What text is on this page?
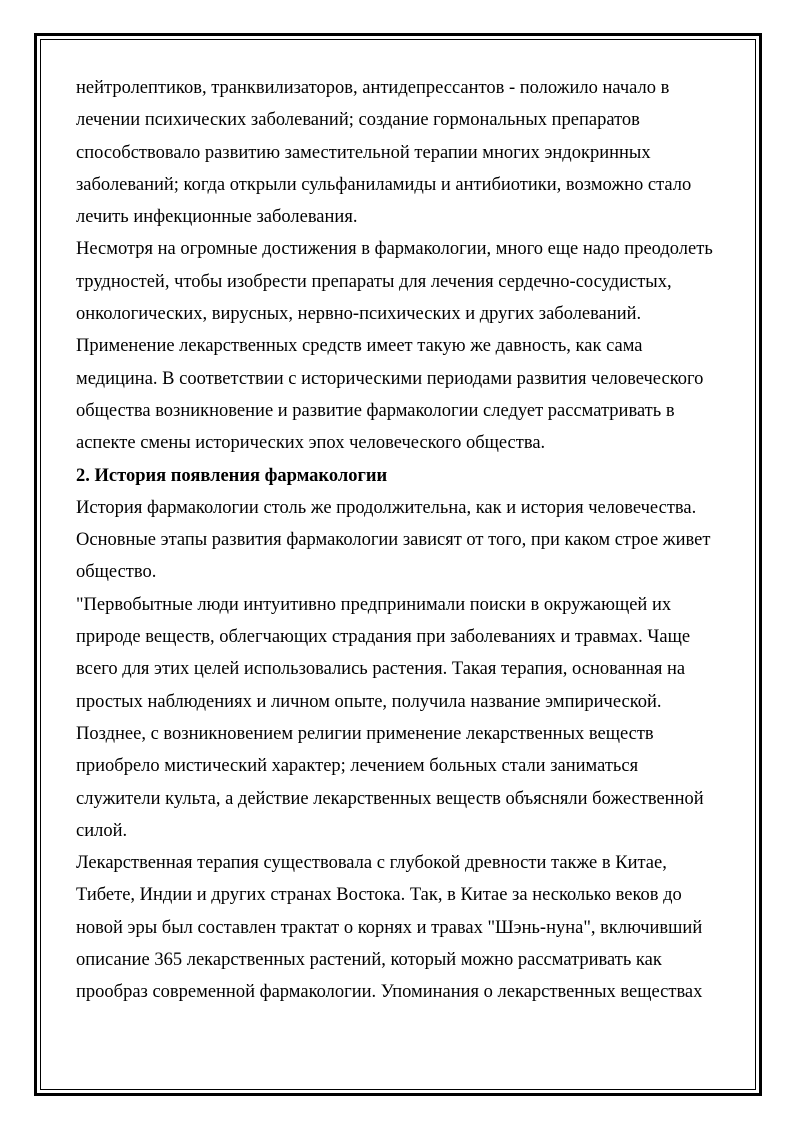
нейтролептиков, транквилизаторов, антидепрессантов - положило начало в лечении психических заболеваний; создание гормональных препаратов способствовало развитию заместительной терапии многих эндокринных заболеваний; когда открыли сульфаниламиды и антибиотики, возможно стало лечить инфекционные заболевания.

Несмотря на огромные достижения в фармакологии, много еще надо преодолеть трудностей, чтобы изобрести препараты для лечения сердечно-сосудистых, онкологических, вирусных, нервно-психических и других заболеваний.

Применение лекарственных средств имеет такую же давность, как сама медицина. В соответствии с историческими периодами развития человеческого общества возникновение и развитие фармакологии следует рассматривать в аспекте смены исторических эпох человеческого общества.

2. История появления фармакологии

История фармакологии столь же продолжительна, как и история человечества. Основные этапы развития фармакологии зависят от того, при каком строе живет общество.

"Первобытные люди интуитивно предпринимали поиски в окружающей их природе веществ, облегчающих страдания при заболеваниях и травмах. Чаще всего для этих целей использовались растения. Такая терапия, основанная на простых наблюдениях и личном опыте, получила название эмпирической. Позднее, с возникновением религии применение лекарственных веществ приобрело мистический характер; лечением больных стали заниматься служители культа, а действие лекарственных веществ объясняли божественной силой.

Лекарственная терапия существовала с глубокой древности также в Китае, Тибете, Индии и других странах Востока. Так, в Китае за несколько веков до новой эры был составлен трактат о корнях и травах "Шэнь-нуна", включивший описание 365 лекарственных растений, который можно рассматривать как прообраз современной фармакологии. Упоминания о лекарственных веществах
